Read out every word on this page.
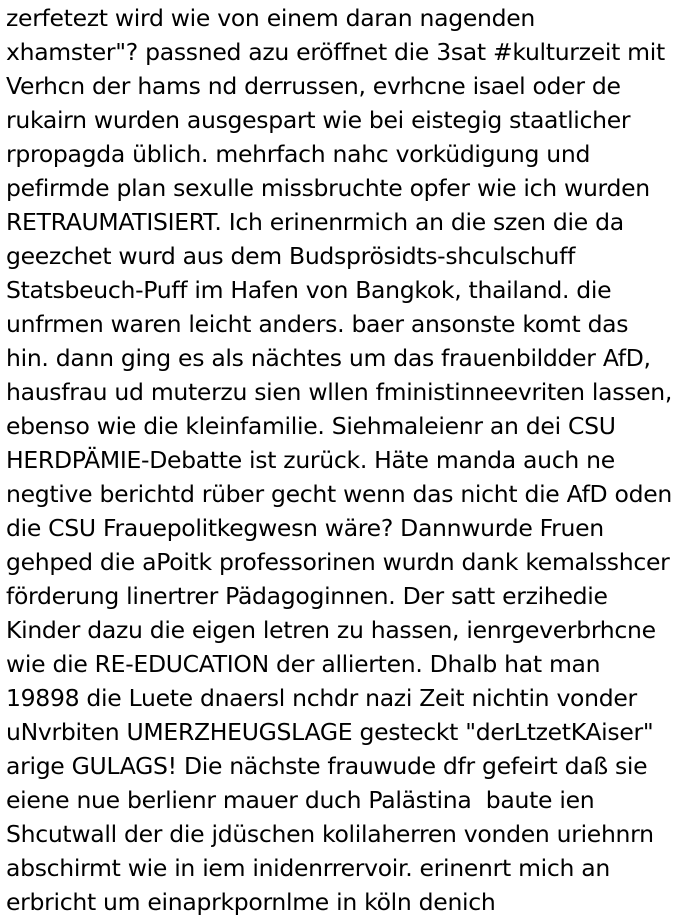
zerfetezt wird wie von einem daran nagenden
xhamster"? passned azu eröffnet die 3sat #kulturzeit mit
Verhcn der hams nd derrussen, evrhcne isael oder de
rukairn wurden ausgespart wie bei eistegig staatlicher
rpropagda üblich. mehrfach nahc vorküdigung und
pefirmde plan sexulle missbruchte opfer wie ich wurden
RETRAUMATISIERT. Ich erinenrmich an die szen die da
geezchet wurd aus dem Budsprösidts-shculschuff
Statsbeuch-Puff im Hafen von Bangkok, thailand. die
unfrmen waren leicht anders. baer ansonste komt das
hin. dann ging es als nächtes um das frauenbildder AfD,
hausfrau ud muterzu sien wllen fministinneevriten lassen,
ebenso wie die kleinfamilie. Siehmaleienr an dei CSU
HERDPÄMIE-Debatte ist zurück. Häte manda auch ne
negtive berichtd rüber gecht wenn das nicht die AfD oden
die CSU Frauepolitkegwesn wäre? Dannwurde Fruen
gehped die aPoitk professorinen wurdn dank kemalsshcer
förderung linertrer Pädagoginnen. Der satt erzihedie
Kinder dazu die eigen letren zu hassen, ienrgeverbrhcne
wie die RE-EDUCATION der allierten. Dhalb hat man
19898 die Luete dnaersl nchdr nazi Zeit nichtin vonder
uNvrbiten UMERZHEUGSLAGE gesteckt "derLtzetKAiser"
arige GULAGS! Die nächste frauwude dfr gefeirt daß sie
eiene nue berlienr mauer duch Palästina  baute ien
Shcutwall der die jdüschen kolilaherren vonden uriehnrn
abschirmt wie in iem inidenrrervoir. erinenrt mich an
erbricht um einaprkpornlme in köln denich
